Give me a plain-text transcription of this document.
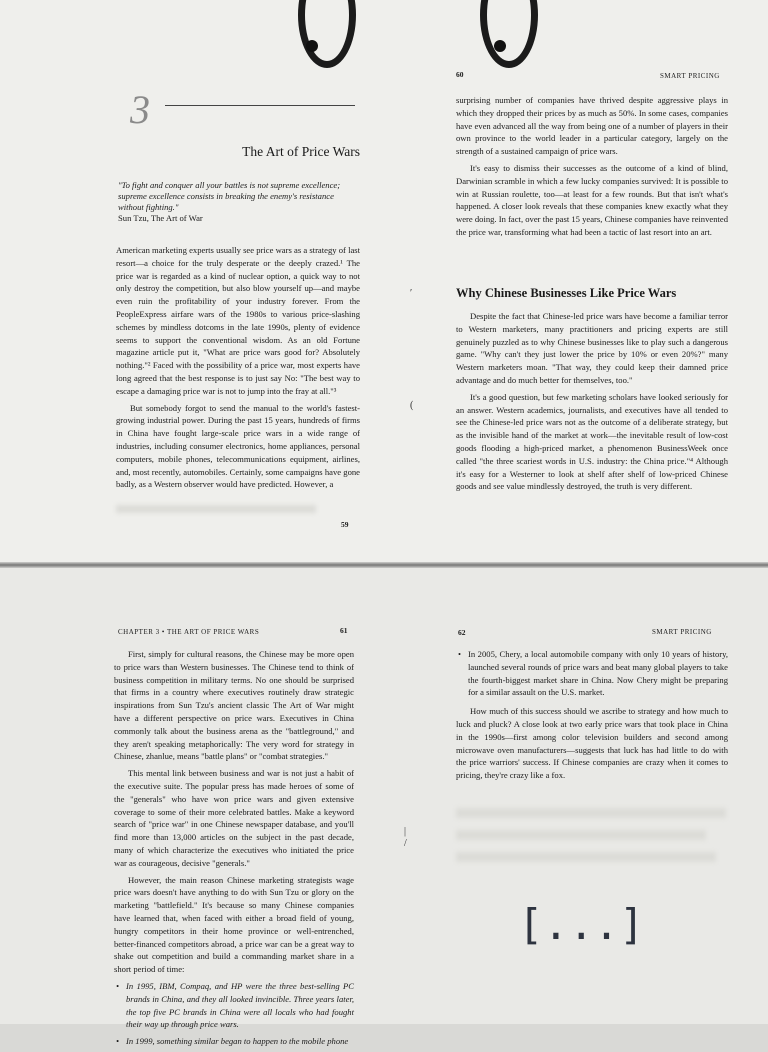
3
The Art of Price Wars
"To fight and conquer all your battles is not supreme excellence; supreme excellence consists in breaking the enemy's resistance without fighting."
Sun Tzu, The Art of War

American marketing experts usually see price wars as a strategy of last resort—a choice for the truly desperate or the deeply crazed.¹ The price war is regarded as a kind of nuclear option, a quick way to not only destroy the competition, but also blow yourself up—and maybe even ruin the profitability of your industry forever. From the PeopleExpress airfare wars of the 1980s to various price-slashing schemes by mindless dotcoms in the late 1990s, plenty of evidence seems to support the conventional wisdom. As an old Fortune magazine article put it, "What are price wars good for? Absolutely nothing."² Faced with the possibility of a price war, most experts have long agreed that the best response is to just say No: "The best way to escape a damaging price war is not to jump into the fray at all."³

But somebody forgot to send the manual to the world's fastest-growing industrial power. During the past 15 years, hundreds of firms in China have fought large-scale price wars in a wide range of industries, including consumer electronics, home appliances, personal computers, mobile phones, telecommunications equipment, airlines, and, most recently, automobiles. Certainly, some campaigns have gone badly, as a Western observer would have predicted. However, a

59
60	SMART PRICING

surprising number of companies have thrived despite aggressive plays in which they dropped their prices by as much as 50%. In some cases, companies have even advanced all the way from being one of a number of players in their own province to the world leader in a particular category, largely on the strength of a sustained campaign of price wars.

It's easy to dismiss their successes as the outcome of a kind of blind, Darwinian scramble in which a few lucky companies survived: It is possible to win at Russian roulette, too—at least for a few rounds. But that isn't what's happened. A closer look reveals that these companies knew exactly what they were doing. In fact, over the past 15 years, Chinese companies have reinvented the price war, transforming what had been a tactic of last resort into an art.

Why Chinese Businesses Like Price Wars

Despite the fact that Chinese-led price wars have become a familiar terror to Western marketers, many practitioners and pricing experts are still genuinely puzzled as to why Chinese businesses like to play such a dangerous game. "Why can't they just lower the price by 10% or even 20%?" many Western marketers moan. "That way, they could keep their damned price advantage and do much better for themselves, too."

It's a good question, but few marketing scholars have looked seriously for an answer. Western academics, journalists, and executives have all tended to see the Chinese-led price wars not as the outcome of a deliberate strategy, but as the invisible hand of the market at work—the inevitable result of low-cost goods flooding a high-priced market, a phenomenon BusinessWeek once called "the three scariest words in U.S. industry: the China price."⁴ Although it's easy for a Westerner to look at shelf after shelf of low-priced Chinese goods and see value mindlessly destroyed, the truth is very different.

′
(
CHAPTER 3 • THE ART OF PRICE WARS	61

First, simply for cultural reasons, the Chinese may be more open to price wars than Western businesses. The Chinese tend to think of business competition in military terms. No one should be surprised that firms in a country where executives routinely draw strategic inspirations from Sun Tzu's ancient classic The Art of War might have a different perspective on price wars. Executives in China commonly talk about the business arena as the "battleground," and they aren't speaking metaphorically: The very word for strategy in Chinese, zhanlue, means "battle plans" or "combat strategies."

This mental link between business and war is not just a habit of the executive suite. The popular press has made heroes of some of the "generals" who have won price wars and given extensive coverage to some of their more celebrated battles. Make a keyword search of "price war" in one Chinese newspaper database, and you'll find more than 13,000 articles on the subject in the past decade, many of which characterize the executives who initiated the price war as courageous, decisive "generals."

However, the main reason Chinese marketing strategists wage price wars doesn't have anything to do with Sun Tzu or glory on the marketing "battlefield." It's because so many Chinese companies have learned that, when faced with either a broad field of young, hungry competitors in their home province or well-entrenched, better-financed competitors abroad, a price war can be a great way to shake out competition and build a commanding market share in a short period of time:

• In 1995, IBM, Compaq, and HP were the three best-selling PC brands in China, and they all looked invincible. Three years later, the top five PC brands in China were all locals who had fought their way up through price wars.

• In 1999, something similar began to happen to the mobile phone

|
/
62	SMART PRICING

• In 2005, Chery, a local automobile company with only 10 years of history, launched several rounds of price wars and beat many global players to take the fourth-biggest market share in China. Now Chery might be preparing for a similar assault on the U.S. market.

How much of this success should we ascribe to strategy and how much to luck and pluck? A close look at two early price wars that took place in China in the 1990s—first among color television builders and second among microwave oven manufacturers—suggests that luck has had little to do with the price warriors' success. If Chinese companies are crazy when it comes to pricing, they're crazy like a fox.

[...]
